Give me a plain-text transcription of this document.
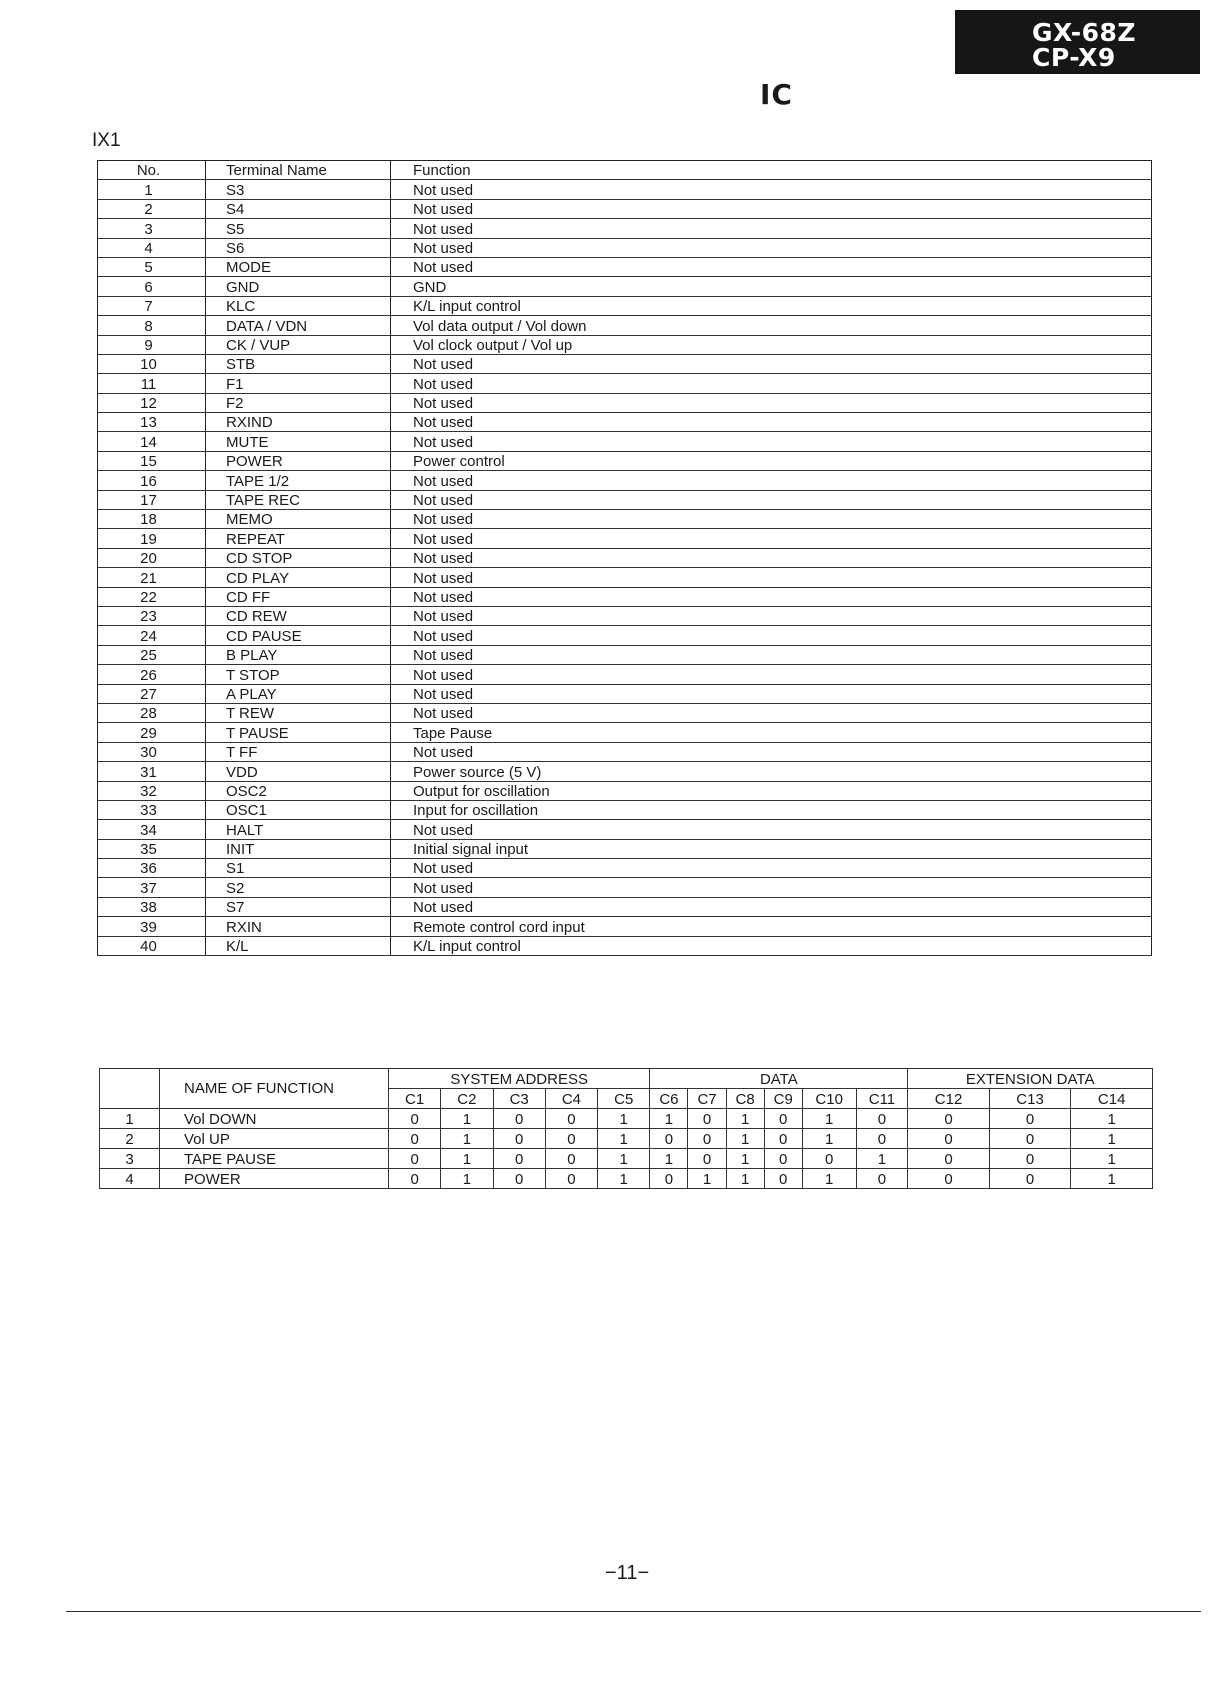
GX-68Z
CP-X9
IC
IX1
No.	Terminal Name	Function
1	S3	Not used
2	S4	Not used
3	S5	Not used
4	S6	Not used
5	MODE	Not used
6	GND	GND
7	KLC	K/L input control
8	DATA / VDN	Vol data output / Vol down
9	CK / VUP	Vol clock output / Vol up
10	STB	Not used
11	F1	Not used
12	F2	Not used
13	RXIND	Not used
14	MUTE	Not used
15	POWER	Power control
16	TAPE 1/2	Not used
17	TAPE REC	Not used
18	MEMO	Not used
19	REPEAT	Not used
20	CD STOP	Not used
21	CD PLAY	Not used
22	CD FF	Not used
23	CD REW	Not used
24	CD PAUSE	Not used
25	B PLAY	Not used
26	T STOP	Not used
27	A PLAY	Not used
28	T REW	Not used
29	T PAUSE	Tape Pause
30	T FF	Not used
31	VDD	Power source (5 V)
32	OSC2	Output for oscillation
33	OSC1	Input for oscillation
34	HALT	Not used
35	INIT	Initial signal input
36	S1	Not used
37	S2	Not used
38	S7	Not used
39	RXIN	Remote control cord input
40	K/L	K/L input control
	NAME OF FUNCTION	SYSTEM ADDRESS					DATA						EXTENSION DATA		
		C1	C2	C3	C4	C5	C6	C7	C8	C9	C10	C11	C12	C13	C14
1	Vol DOWN	0	1	0	0	1	1	0	1	0	1	0	0	0	1
2	Vol UP	0	1	0	0	1	0	0	1	0	1	0	0	0	1
3	TAPE PAUSE	0	1	0	0	1	1	0	1	0	0	1	0	0	1
4	POWER	0	1	0	0	1	0	1	1	0	1	0	0	0	1
−11−
